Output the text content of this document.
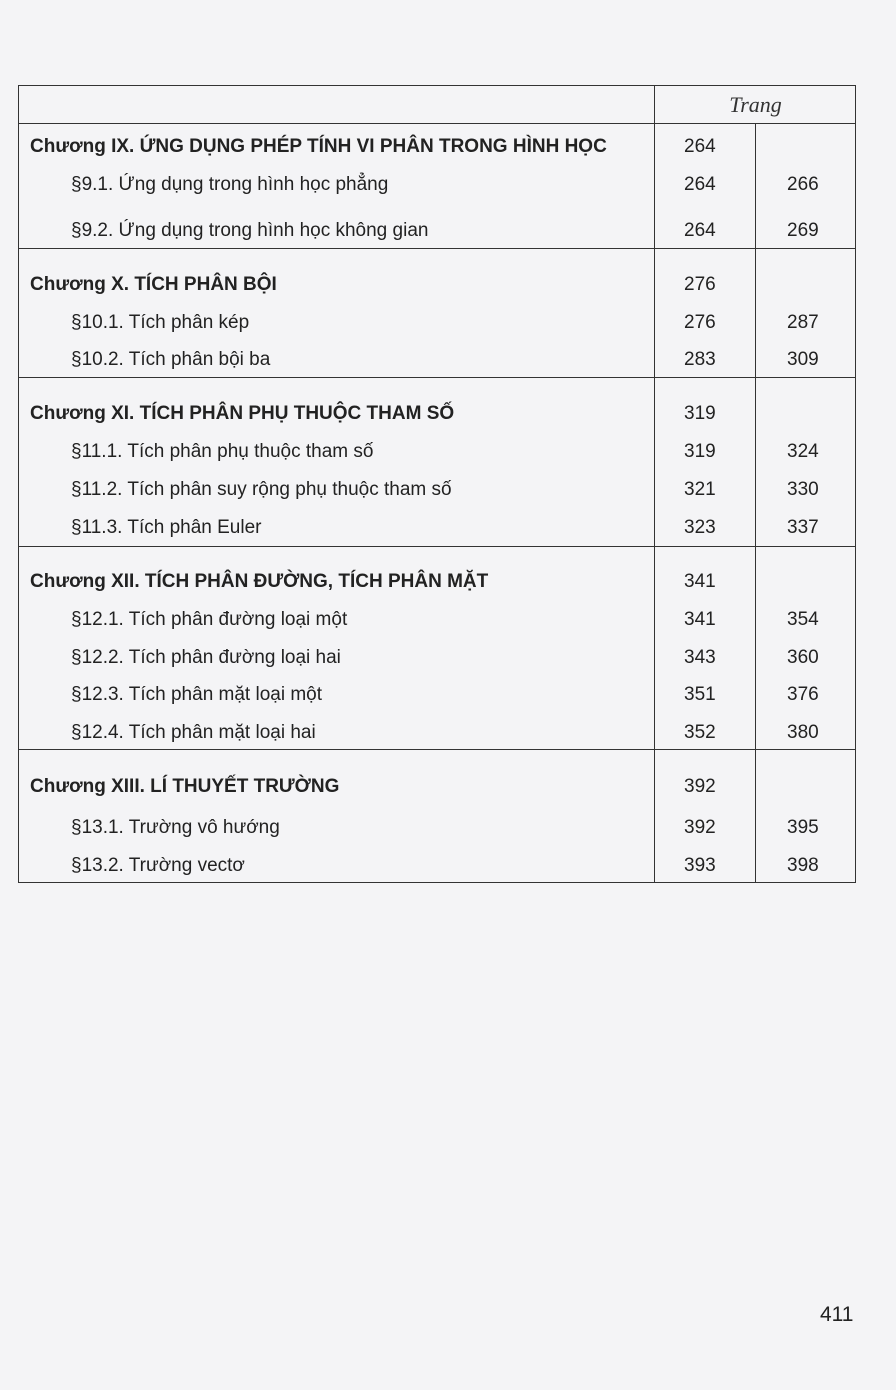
Trang
Chương IX. ỨNG DỤNG PHÉP TÍNH VI PHÂN TRONG HÌNH HỌC	264
§9.1. Ứng dụng trong hình học phẳng	264	266
§9.2. Ứng dụng trong hình học không gian	264	269
Chương X. TÍCH PHÂN BỘI	276
§10.1. Tích phân kép	276	287
§10.2. Tích phân bội ba	283	309
Chương XI. TÍCH PHÂN PHỤ THUỘC THAM SỐ	319
§11.1. Tích phân phụ thuộc tham số	319	324
§11.2. Tích phân suy rộng phụ thuộc tham số	321	330
§11.3. Tích phân Euler	323	337
Chương XII. TÍCH PHÂN ĐƯỜNG, TÍCH PHÂN MẶT	341
§12.1. Tích phân đường loại một	341	354
§12.2. Tích phân đường loại hai	343	360
§12.3. Tích phân mặt loại một	351	376
§12.4. Tích phân mặt loại hai	352	380
Chương XIII. LÍ THUYẾT TRƯỜNG	392
§13.1. Trường vô hướng	392	395
§13.2. Trường vectơ	393	398
411
